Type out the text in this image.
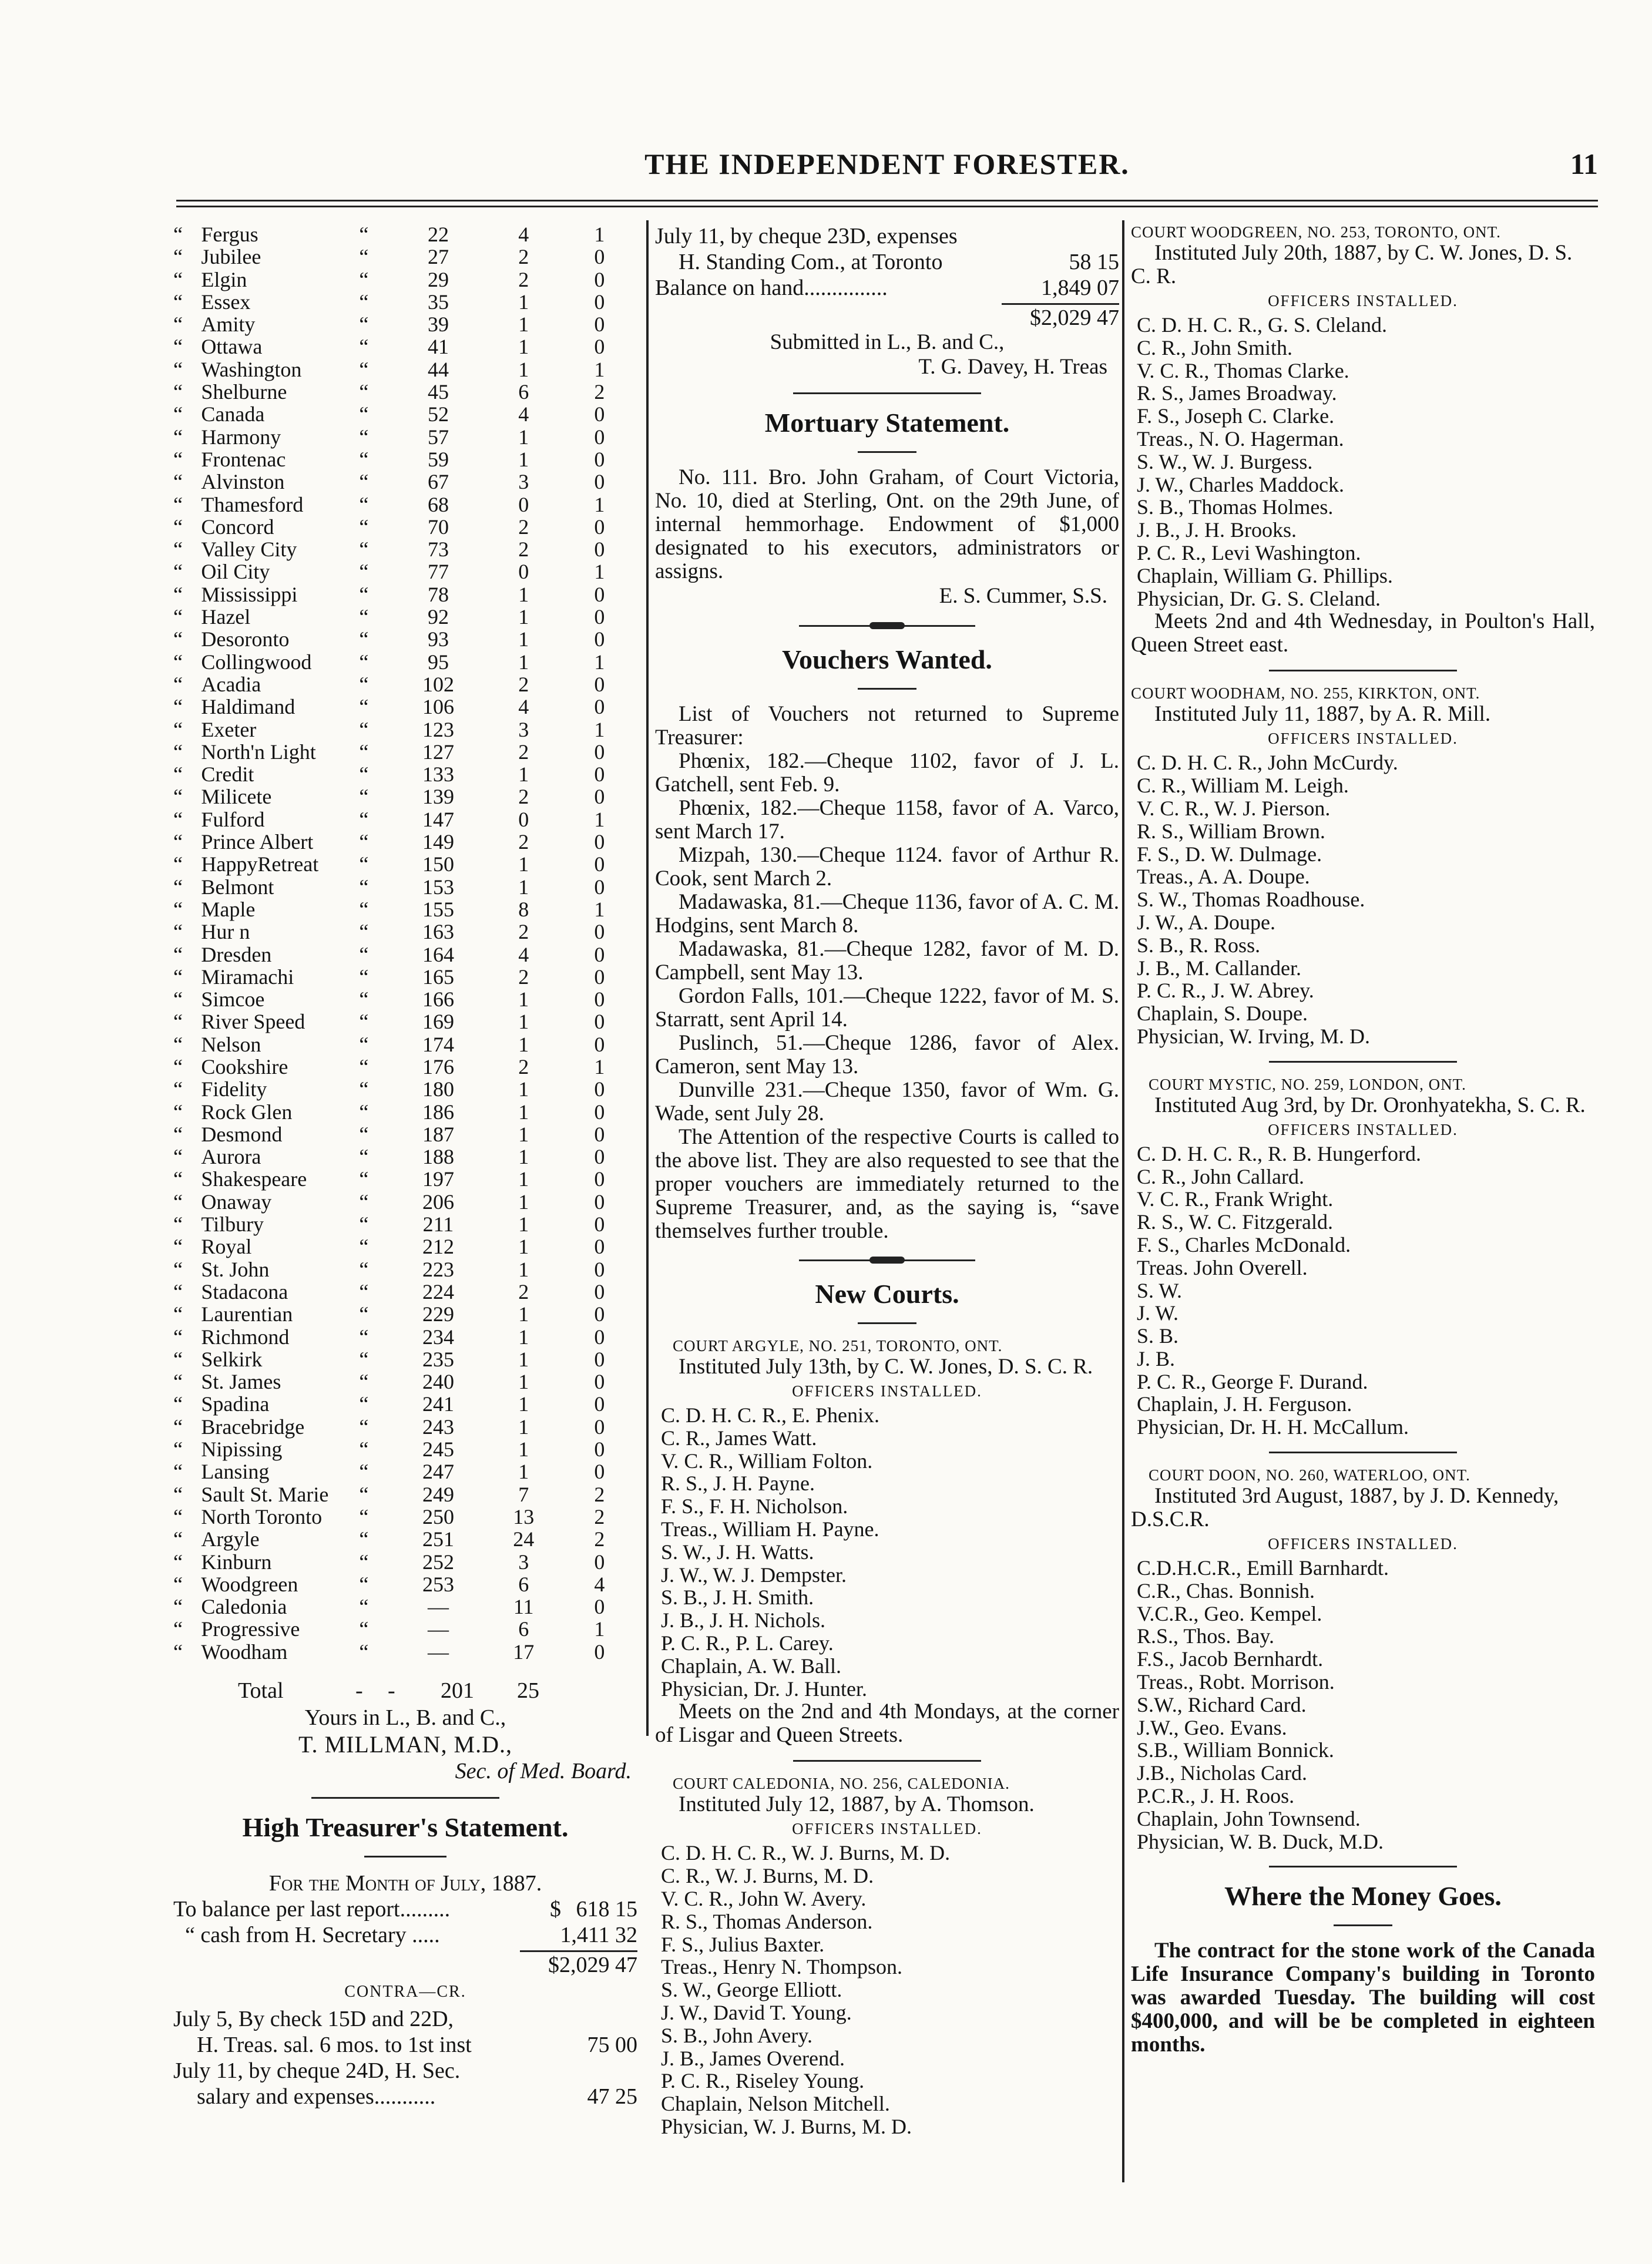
THE INDEPENDENT FORESTER.	11
“	Fergus	“	22	4	1
“	Jubilee	“	27	2	0
“	Elgin	“	29	2	0
“	Essex	“	35	1	0
“	Amity	“	39	1	0
“	Ottawa	“	41	1	0
“	Washington	“	44	1	1
“	Shelburne	“	45	6	2
“	Canada	“	52	4	0
“	Harmony	“	57	1	0
“	Frontenac	“	59	1	0
“	Alvinston	“	67	3	0
“	Thamesford	“	68	0	1
“	Concord	“	70	2	0
“	Valley City	“	73	2	0
“	Oil City	“	77	0	1
“	Mississippi	“	78	1	0
“	Hazel	“	92	1	0
“	Desoronto	“	93	1	0
“	Collingwood	“	95	1	1
“	Acadia	“	102	2	0
“	Haldimand	“	106	4	0
“	Exeter	“	123	3	1
“	North'n Light	“	127	2	0
“	Credit	“	133	1	0
“	Milicete	“	139	2	0
“	Fulford	“	147	0	1
“	Prince Albert	“	149	2	0
“	HappyRetreat	“	150	1	0
“	Belmont	“	153	1	0
“	Maple	“	155	8	1
“	Hur n	“	163	2	0
“	Dresden	“	164	4	0
“	Miramachi	“	165	2	0
“	Simcoe	“	166	1	0
“	River Speed	“	169	1	0
“	Nelson	“	174	1	0
“	Cookshire	“	176	2	1
“	Fidelity	“	180	1	0
“	Rock Glen	“	186	1	0
“	Desmond	“	187	1	0
“	Aurora	“	188	1	0
“	Shakespeare	“	197	1	0
“	Onaway	“	206	1	0
“	Tilbury	“	211	1	0
“	Royal	“	212	1	0
“	St. John	“	223	1	0
“	Stadacona	“	224	2	0
“	Laurentian	“	229	1	0
“	Richmond	“	234	1	0
“	Selkirk	“	235	1	0
“	St. James	“	240	1	0
“	Spadina	“	241	1	0
“	Bracebridge	“	243	1	0
“	Nipissing	“	245	1	0
“	Lansing	“	247	1	0
“	Sault St. Marie	“	249	7	2
“	North Toronto	“	250	13	2
“	Argyle	“	251	24	2
“	Kinburn	“	252	3	0
“	Woodgreen	“	253	6	4
“	Caledonia	“	—	11	0
“	Progressive	“	—	6	1
“	Woodham	“	—	17	0
Total	- - 201 25
Yours in L., B. and C.,
T. MILLMAN, M.D.,
Sec. of Med. Board.
High Treasurer's Statement.
For the Month of July, 1887.
To balance per last report.........	$ 618 15
“ cash from H. Secretary .....	1,411 32
$2,029 47
CONTRA—CR.
July 5, By check 15D and 22D,
H. Treas. sal. 6 mos. to 1st inst	75 00
July 11, by cheque 24D, H. Sec.
salary and expenses...........	47 25
July 11, by cheque 23D, expenses
H. Standing Com., at Toronto	58 15
Balance on hand...............	1,849 07
$2,029 47
Submitted in L., B. and C.,
T. G. Davey, H. Treas
Mortuary Statement.

No. 111. Bro. John Graham, of Court Victoria, No. 10, died at Sterling, Ont. on the 29th June, of internal hemmorhage. Endowment of $1,000 designated to his executors, administrators or assigns.

E. S. Cummer, S.S.
Vouchers Wanted.

List of Vouchers not returned to Supreme Treasurer:

Phœnix, 182.—Cheque 1102, favor of J. L. Gatchell, sent Feb. 9.

Phœnix, 182.—Cheque 1158, favor of A. Varco, sent March 17.

Mizpah, 130.—Cheque 1124. favor of Arthur R. Cook, sent March 2.

Madawaska, 81.—Cheque 1136, favor of A. C. M. Hodgins, sent March 8.

Madawaska, 81.—Cheque 1282, favor of M. D. Campbell, sent May 13.

Gordon Falls, 101.—Cheque 1222, favor of M. S. Starratt, sent April 14.

Puslinch, 51.—Cheque 1286, favor of Alex. Cameron, sent May 13.

Dunville 231.—Cheque 1350, favor of Wm. G. Wade, sent July 28.

The Attention of the respective Courts is called to the above list. They are also requested to see that the proper vouchers are immediately returned to the Supreme Treasurer, and, as the saying is, “save themselves further trouble.

New Courts.
COURT ARGYLE, NO. 251, TORONTO, ONT.

Instituted July 13th, by C. W. Jones, D. S. C. R.

OFFICERS INSTALLED.
C. D. H. C. R., E. Phenix.
C. R., James Watt.
V. C. R., William Folton.
R. S., J. H. Payne.
F. S., F. H. Nicholson.
Treas., William H. Payne.
S. W., J. H. Watts.
J. W., W. J. Dempster.
S. B., J. H. Smith.
J. B., J. H. Nichols.
P. C. R., P. L. Carey.
Chaplain, A. W. Ball.
Physician, Dr. J. Hunter.

Meets on the 2nd and 4th Mondays, at the corner of Lisgar and Queen Streets.

COURT CALEDONIA, NO. 256, CALEDONIA.

Instituted July 12, 1887, by A. Thomson.

OFFICERS INSTALLED.
C. D. H. C. R., W. J. Burns, M. D.
C. R., W. J. Burns, M. D.
V. C. R., John W. Avery.
R. S., Thomas Anderson.
F. S., Julius Baxter.
Treas., Henry N. Thompson.
S. W., George Elliott.
J. W., David T. Young.
S. B., John Avery.
J. B., James Overend.
P. C. R., Riseley Young.
Chaplain, Nelson Mitchell.
Physician, W. J. Burns, M. D.
COURT WOODGREEN, NO. 253, TORONTO, ONT.

Instituted July 20th, 1887, by C. W. Jones, D. S. C. R.

OFFICERS INSTALLED.
C. D. H. C. R., G. S. Cleland.
C. R., John Smith.
V. C. R., Thomas Clarke.
R. S., James Broadway.
F. S., Joseph C. Clarke.
Treas., N. O. Hagerman.
S. W., W. J. Burgess.
J. W., Charles Maddock.
S. B., Thomas Holmes.
J. B., J. H. Brooks.
P. C. R., Levi Washington.
Chaplain, William G. Phillips.
Physician, Dr. G. S. Cleland.

Meets 2nd and 4th Wednesday, in Poulton's Hall, Queen Street east.

COURT WOODHAM, NO. 255, KIRKTON, ONT.

Instituted July 11, 1887, by A. R. Mill.

OFFICERS INSTALLED.
C. D. H. C. R., John McCurdy.
C. R., William M. Leigh.
V. C. R., W. J. Pierson.
R. S., William Brown.
F. S., D. W. Dulmage.
Treas., A. A. Doupe.
S. W., Thomas Roadhouse.
J. W., A. Doupe.
S. B., R. Ross.
J. B., M. Callander.
P. C. R., J. W. Abrey.
Chaplain, S. Doupe.
Physician, W. Irving, M. D.
COURT MYSTIC, NO. 259, LONDON, ONT.

Instituted Aug 3rd, by Dr. Oronhyatekha, S. C. R.

OFFICERS INSTALLED.
C. D. H. C. R., R. B. Hungerford.
C. R., John Callard.
V. C. R., Frank Wright.
R. S., W. C. Fitzgerald.
F. S., Charles McDonald.
Treas. John Overell.
S. W.
J. W.
S. B.
J. B.
P. C. R., George F. Durand.
Chaplain, J. H. Ferguson.
Physician, Dr. H. H. McCallum.
COURT DOON, NO. 260, WATERLOO, ONT.

Instituted 3rd August, 1887, by J. D. Kennedy, D.S.C.R.

OFFICERS INSTALLED.
C.D.H.C.R., Emill Barnhardt.
C.R., Chas. Bonnish.
V.C.R., Geo. Kempel.
R.S., Thos. Bay.
F.S., Jacob Bernhardt.
Treas., Robt. Morrison.
S.W., Richard Card.
J.W., Geo. Evans.
S.B., William Bonnick.
J.B., Nicholas Card.
P.C.R., J. H. Roos.
Chaplain, John Townsend.
Physician, W. B. Duck, M.D.
Where the Money Goes.

The contract for the stone work of the Canada Life Insurance Company's building in Toronto was awarded Tuesday. The building will cost $400,000, and will be be completed in eighteen months.
